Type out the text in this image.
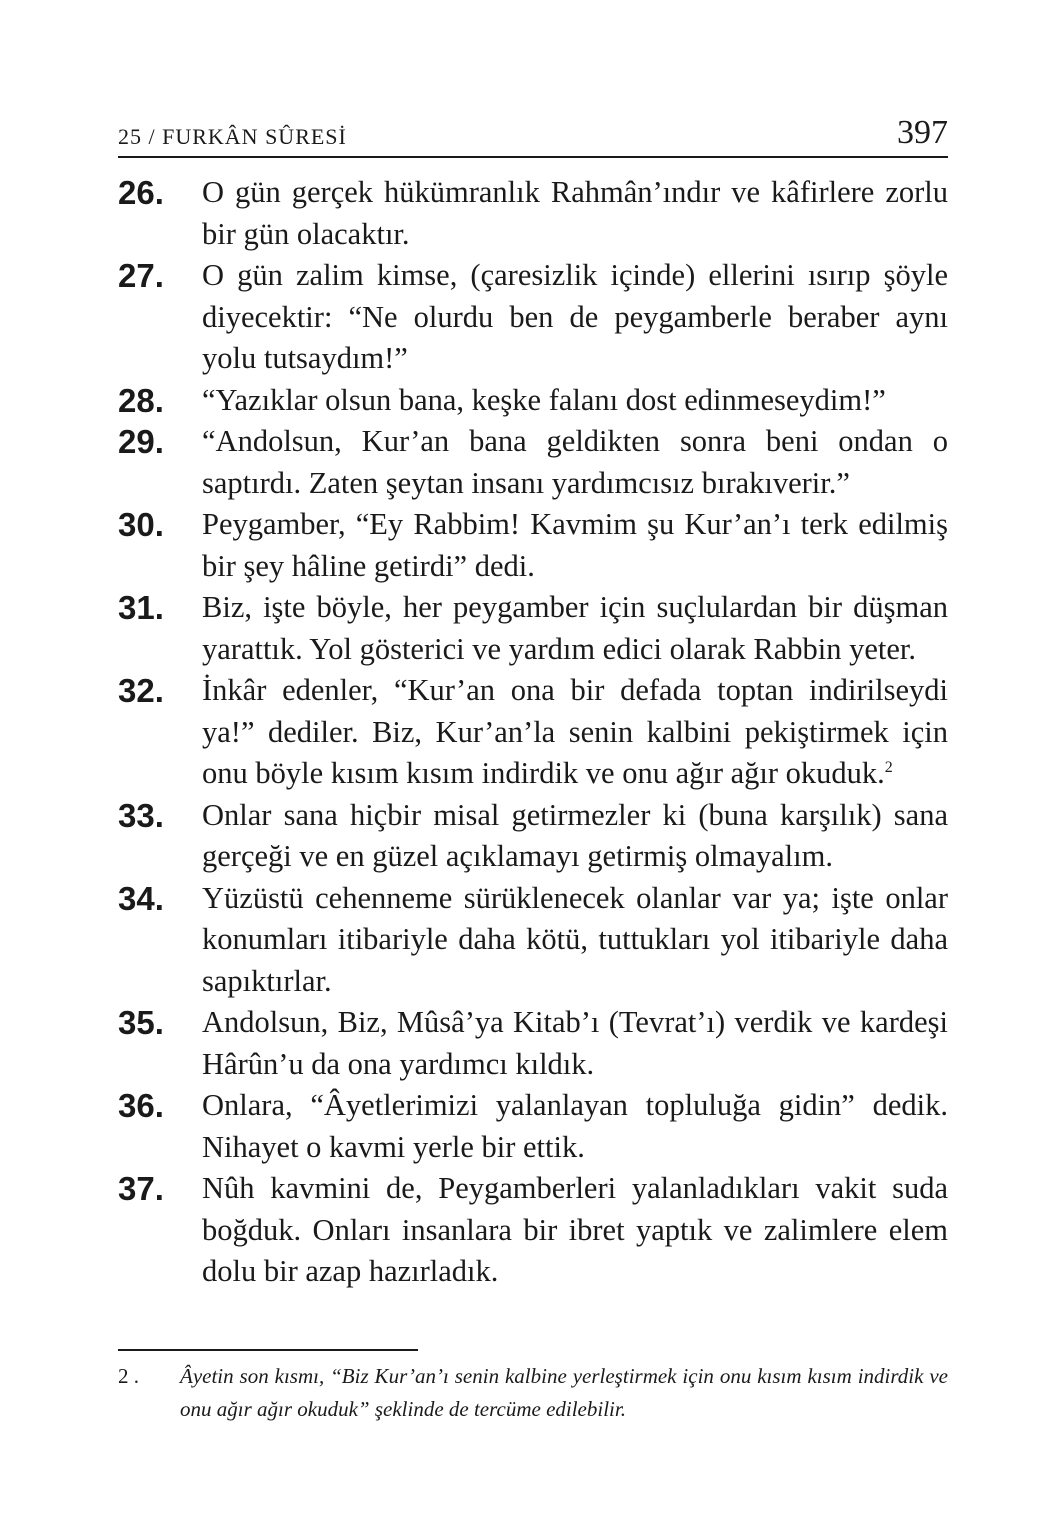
25 / FURKÂN SÛRESİ	397
26. O gün gerçek hükümranlık Rahmân’ındır ve kâfirlere zorlu bir gün olacaktır.
27. O gün zalim kimse, (çaresizlik içinde) ellerini ısırıp şöyle diyecektir: “Ne olurdu ben de peygamberle beraber aynı yolu tutsaydım!”
28. “Yazıklar olsun bana, keşke falanı dost edinmeseydim!”
29. “Andolsun, Kur’an bana geldikten sonra beni ondan o saptırdı. Zaten şeytan insanı yardımcısız bırakıverir.”
30. Peygamber, “Ey Rabbim! Kavmim şu Kur’an’ı terk edilmiş bir şey hâline getirdi” dedi.
31. Biz, işte böyle, her peygamber için suçlulardan bir düşman yarattık. Yol gösterici ve yardım edici olarak Rabbin yeter.
32. İnkâr edenler, “Kur’an ona bir defada toptan indirilseydi ya!” dediler. Biz, Kur’an’la senin kalbini pekiştirmek için onu böyle kısım kısım indirdik ve onu ağır ağır okuduk.$^2$
33. Onlar sana hiçbir misal getirmezler ki (buna karşılık) sana gerçeği ve en güzel açıklamayı getirmiş olmayalım.
34. Yüzüstü cehenneme sürüklenecek olanlar var ya; işte onlar konumları itibariyle daha kötü, tuttukları yol itibariyle daha sapıktırlar.
35. Andolsun, Biz, Mûsâ’ya Kitab’ı (Tevrat’ı) verdik ve kardeşi Hârûn’u da ona yardımcı kıldık.
36. Onlara, “Âyetlerimizi yalanlayan topluluğa gidin” dedik. Nihayet o kavmi yerle bir ettik.
37. Nûh kavmini de, Peygamberleri yalanladıkları vakit suda boğduk. Onları insanlara bir ibret yaptık ve zalimlere elem dolu bir azap hazırladık.
2 .	Âyetin son kısmı, “Biz Kur’an’ı senin kalbine yerleştirmek için onu kısım kısım indirdik ve onu ağır ağır okuduk” şeklinde de tercüme edilebilir.
